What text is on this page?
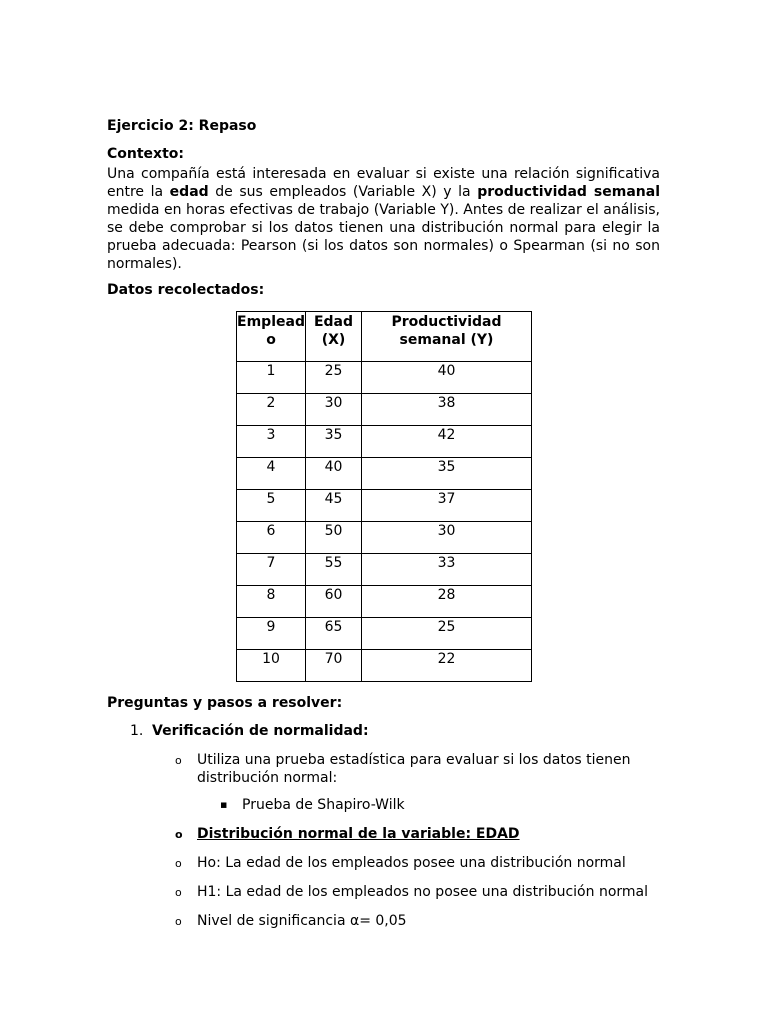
Ejercicio 2: Repaso
Contexto:
Una compañía está interesada en evaluar si existe una relación significativa entre la edad de sus empleados (Variable X) y la productividad semanal medida en horas efectivas de trabajo (Variable Y). Antes de realizar el análisis, se debe comprobar si los datos tienen una distribución normal para elegir la prueba adecuada: Pearson (si los datos son normales) o Spearman (si no son normales).
Datos recolectados:
Emplead o	Edad (X)	Productividad semanal (Y)
1	25	40
2	30	38
3	35	42
4	40	35
5	45	37
6	50	30
7	55	33
8	60	28
9	65	25
10	70	22
Preguntas y pasos a resolver:
1. Verificación de normalidad:
o Utiliza una prueba estadística para evaluar si los datos tienen distribución normal:
▪ Prueba de Shapiro-Wilk
o Distribución normal de la variable: EDAD
o Ho: La edad de los empleados posee una distribución normal
o H1: La edad de los empleados no posee una distribución normal
o Nivel de significancia α= 0,05
